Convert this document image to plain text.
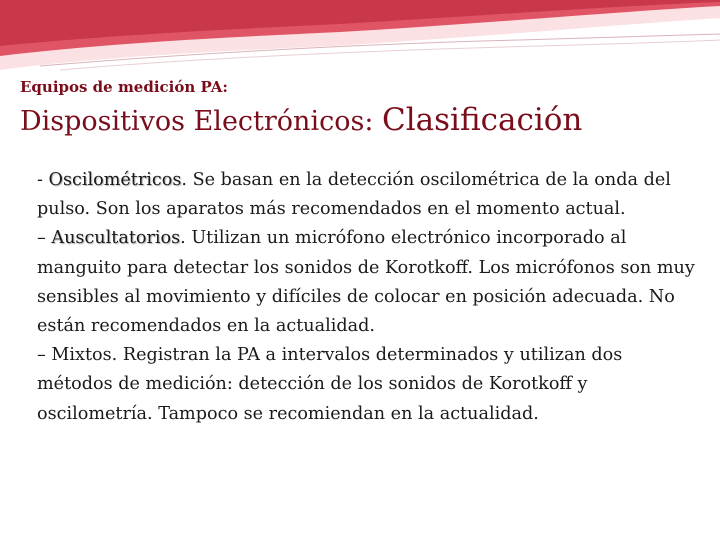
Equipos de medición PA:
Dispositivos Electrónicos: Clasificación

- Oscilométricos. Se basan en la detección oscilométrica de la onda del pulso. Son los aparatos más recomendados en el momento actual.

– Auscultatorios. Utilizan un micrófono electrónico incorporado al manguito para detectar los sonidos de Korotkoff. Los micrófonos son muy sensibles al movimiento y difíciles de colocar en posición adecuada. No están recomendados en la actualidad.

– Mixtos. Registran la PA a intervalos determinados y utilizan dos métodos de medición: detección de los sonidos de Korotkoff y oscilometría. Tampoco se recomiendan en la actualidad.
